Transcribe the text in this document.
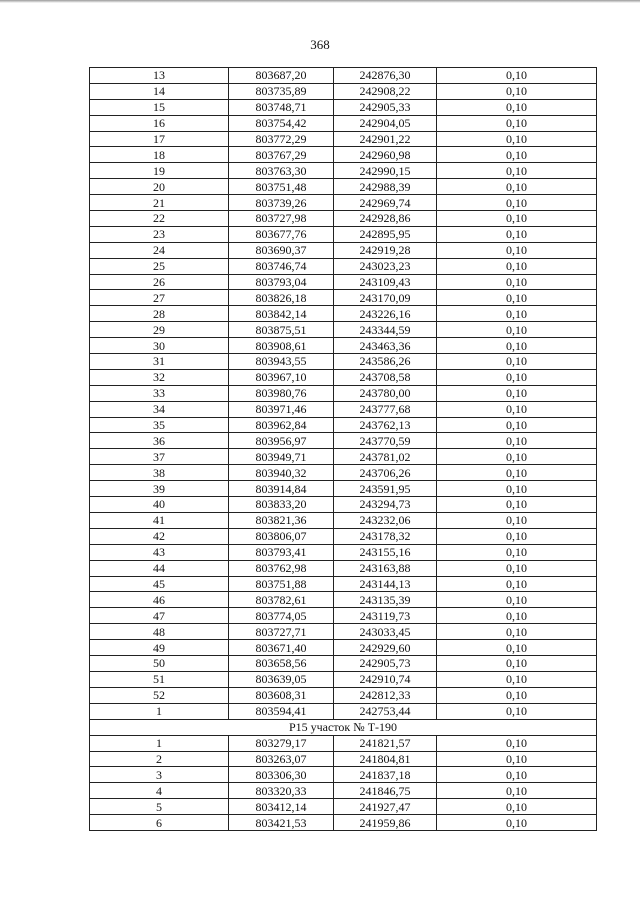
368
13	803687,20	242876,30	0,10
14	803735,89	242908,22	0,10
15	803748,71	242905,33	0,10
16	803754,42	242904,05	0,10
17	803772,29	242901,22	0,10
18	803767,29	242960,98	0,10
19	803763,30	242990,15	0,10
20	803751,48	242988,39	0,10
21	803739,26	242969,74	0,10
22	803727,98	242928,86	0,10
23	803677,76	242895,95	0,10
24	803690,37	242919,28	0,10
25	803746,74	243023,23	0,10
26	803793,04	243109,43	0,10
27	803826,18	243170,09	0,10
28	803842,14	243226,16	0,10
29	803875,51	243344,59	0,10
30	803908,61	243463,36	0,10
31	803943,55	243586,26	0,10
32	803967,10	243708,58	0,10
33	803980,76	243780,00	0,10
34	803971,46	243777,68	0,10
35	803962,84	243762,13	0,10
36	803956,97	243770,59	0,10
37	803949,71	243781,02	0,10
38	803940,32	243706,26	0,10
39	803914,84	243591,95	0,10
40	803833,20	243294,73	0,10
41	803821,36	243232,06	0,10
42	803806,07	243178,32	0,10
43	803793,41	243155,16	0,10
44	803762,98	243163,88	0,10
45	803751,88	243144,13	0,10
46	803782,61	243135,39	0,10
47	803774,05	243119,73	0,10
48	803727,71	243033,45	0,10
49	803671,40	242929,60	0,10
50	803658,56	242905,73	0,10
51	803639,05	242910,74	0,10
52	803608,31	242812,33	0,10
1	803594,41	242753,44	0,10
Р15 участок № Т-190			
1	803279,17	241821,57	0,10
2	803263,07	241804,81	0,10
3	803306,30	241837,18	0,10
4	803320,33	241846,75	0,10
5	803412,14	241927,47	0,10
6	803421,53	241959,86	0,10
